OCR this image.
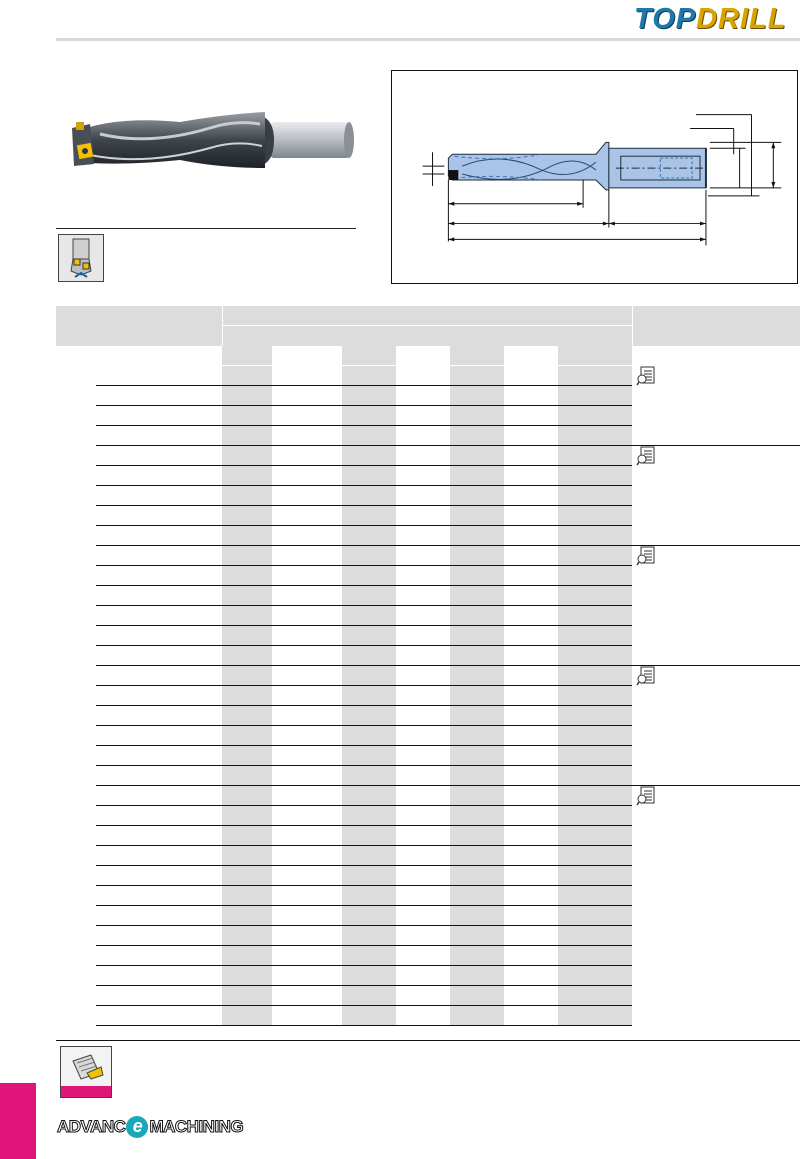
TOPDRILL
ADVANC e MACHINING
